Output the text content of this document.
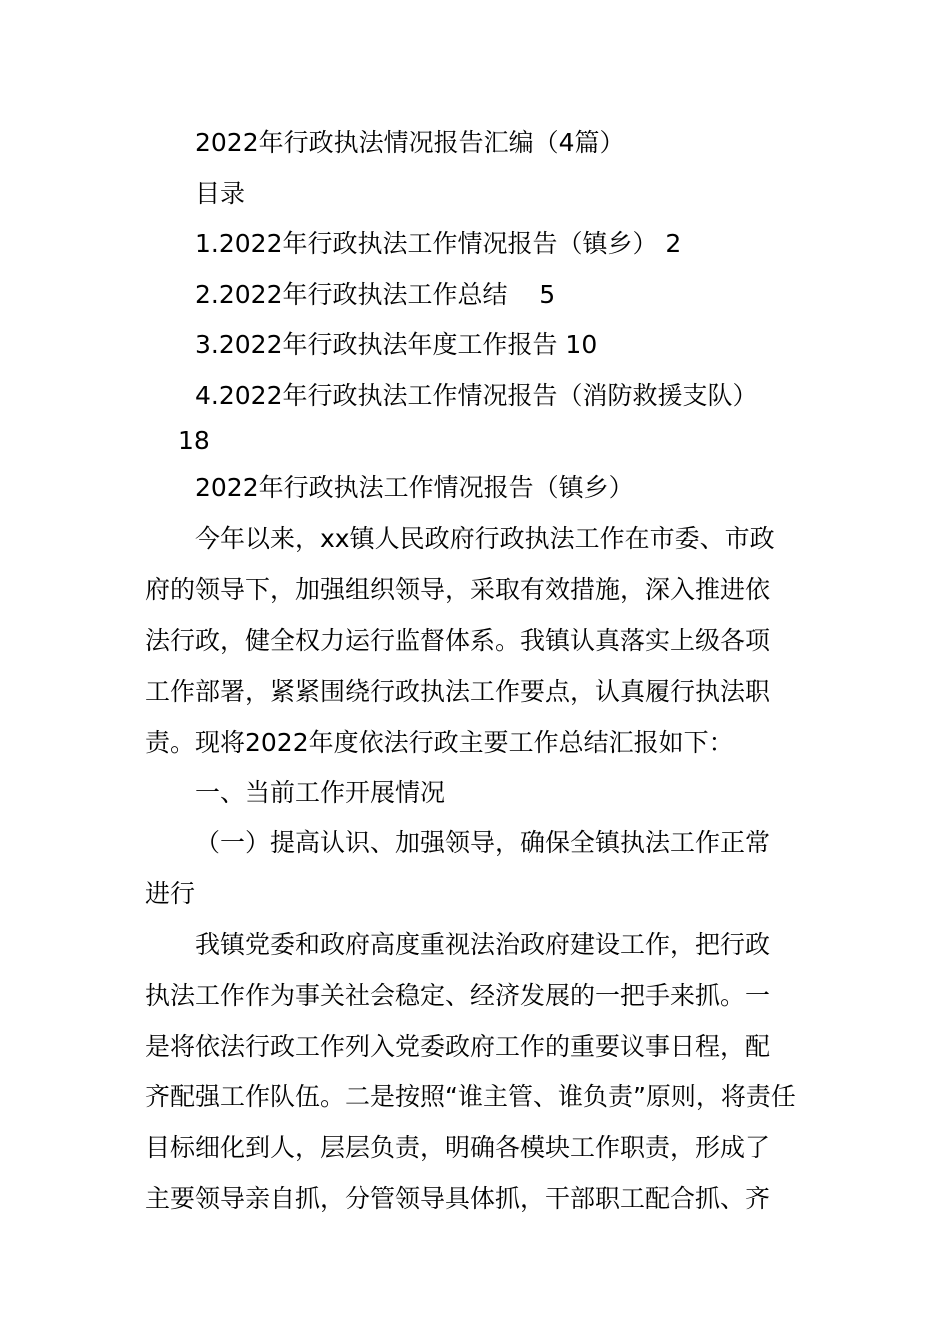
2022年行政执法情况报告汇编（4篇）
目录
1.2022年行政执法工作情况报告（镇乡） 2
2.2022年行政执法工作总结    5
3.2022年行政执法年度工作报告 10
4.2022年行政执法工作情况报告（消防救援支队）
18
2022年行政执法工作情况报告（镇乡）
今年以来，xx镇人民政府行政执法工作在市委、市政
府的领导下，加强组织领导，采取有效措施，深入推进依
法行政，健全权力运行监督体系。我镇认真落实上级各项
工作部署，紧紧围绕行政执法工作要点，认真履行执法职
责。现将2022年度依法行政主要工作总结汇报如下：
一、当前工作开展情况
（一）提高认识、加强领导，确保全镇执法工作正常
进行
我镇党委和政府高度重视法治政府建设工作，把行政
执法工作作为事关社会稳定、经济发展的一把手来抓。一
是将依法行政工作列入党委政府工作的重要议事日程，配
齐配强工作队伍。二是按照“谁主管、谁负责”原则，将责任
目标细化到人，层层负责，明确各模块工作职责，形成了
主要领导亲自抓，分管领导具体抓，干部职工配合抓、齐
